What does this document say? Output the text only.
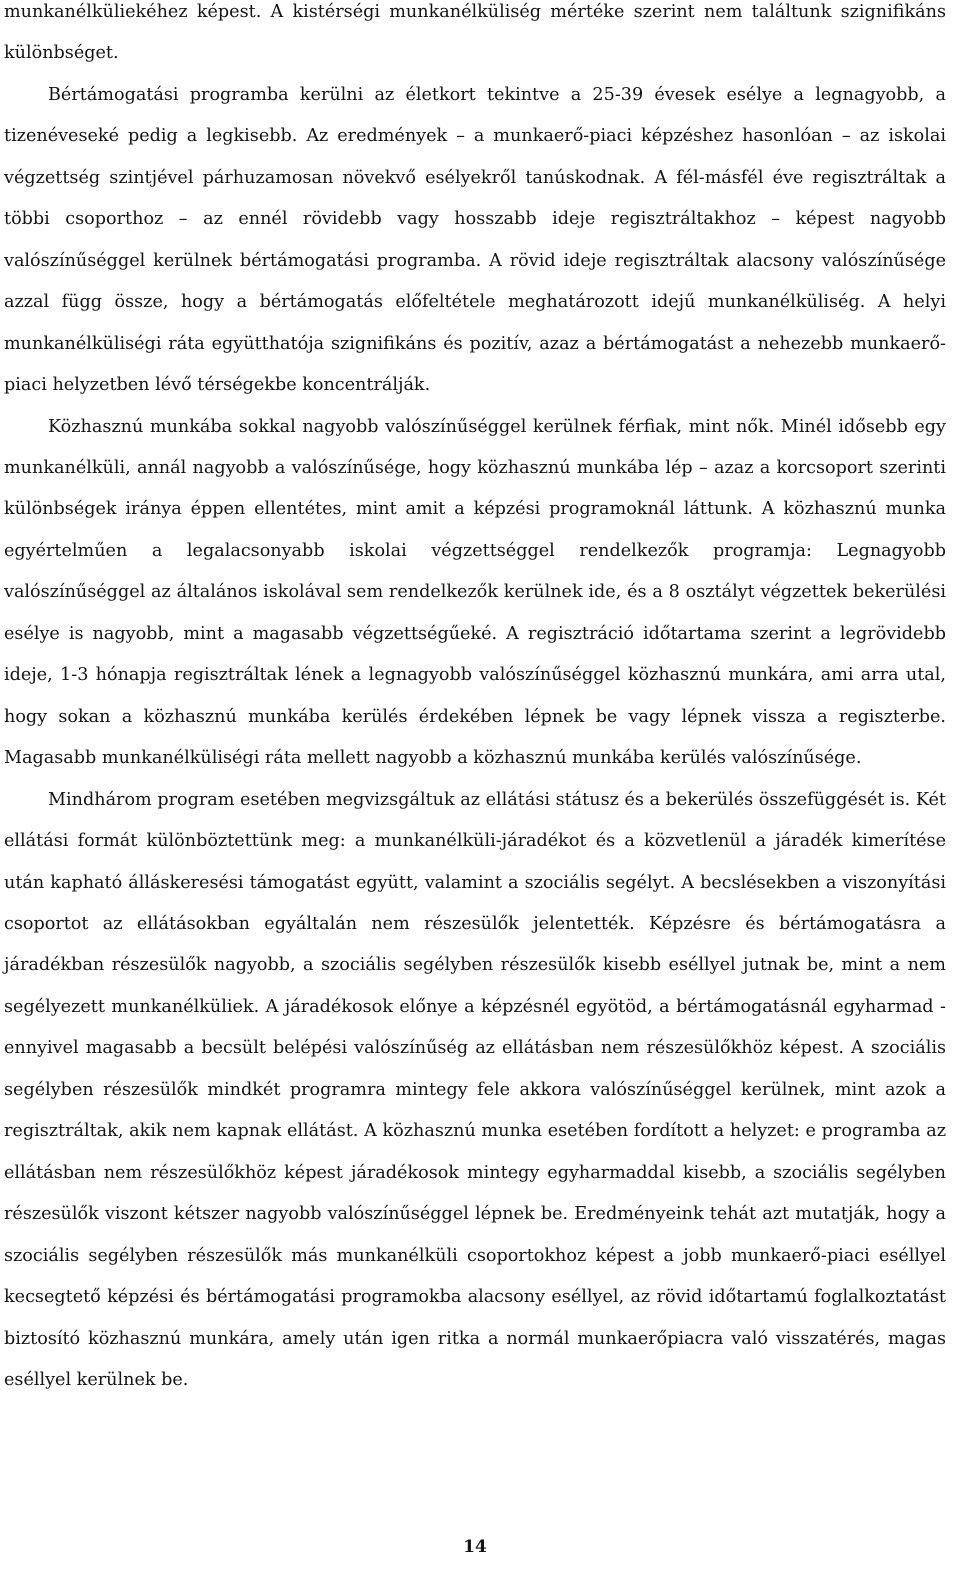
munkanélküliekéhez képest. A kistérségi munkanélküliség mértéke szerint nem találtunk szignifikáns különbséget.

Bértámogatási programba kerülni az életkort tekintve a 25-39 évesek esélye a legnagyobb, a tizenéveseké pedig a legkisebb. Az eredmények – a munkaerő-piaci képzéshez hasonlóan – az iskolai végzettség szintjével párhuzamosan növekvő esélyekről tanúskodnak. A fél-másfél éve regisztráltak a többi csoporthoz – az ennél rövidebb vagy hosszabb ideje regisztráltakhoz – képest nagyobb valószínűséggel kerülnek bértámogatási programba. A rövid ideje regisztráltak alacsony valószínűsége azzal függ össze, hogy a bértámogatás előfeltétele meghatározott idejű munkanélküliség. A helyi munkanélküliségi ráta együtthatója szignifikáns és pozitív, azaz a bértámogatást a nehezebb munkaerő-piaci helyzetben lévő térségekbe koncentrálják.

Közhasznú munkába sokkal nagyobb valószínűséggel kerülnek férfiak, mint nők. Minél idősebb egy munkanélküli, annál nagyobb a valószínűsége, hogy közhasznú munkába lép – azaz a korcsoport szerinti különbségek iránya éppen ellentétes, mint amit a képzési programoknál láttunk. A közhasznú munka egyértelműen a legalacsonyabb iskolai végzettséggel rendelkezők programja: Legnagyobb valószínűséggel az általános iskolával sem rendelkezők kerülnek ide, és a 8 osztályt végzettek bekerülési esélye is nagyobb, mint a magasabb végzettségűeké. A regisztráció időtartama szerint a legrövidebb ideje, 1-3 hónapja regisztráltak lének a legnagyobb valószínűséggel közhasznú munkára, ami arra utal, hogy sokan a közhasznú munkába kerülés érdekében lépnek be vagy lépnek vissza a regiszterbe. Magasabb munkanélküliségi ráta mellett nagyobb a közhasznú munkába kerülés valószínűsége.

Mindhárom program esetében megvizsgáltuk az ellátási státusz és a bekerülés összefüggését is. Két ellátási formát különböztettünk meg: a munkanélküli-járadékot és a közvetlenül a járadék kimerítése után kapható álláskeresési támogatást együtt, valamint a szociális segélyt. A becslésekben a viszonyítási csoportot az ellátásokban egyáltalán nem részesülők jelentették. Képzésre és bértámogatásra a járadékban részesülők nagyobb, a szociális segélyben részesülők kisebb eséllyel jutnak be, mint a nem segélyezett munkanélküliek. A járadékosok előnye a képzésnél egyötöd, a bértámogatásnál egyharmad - ennyivel magasabb a becsült belépési valószínűség az ellátásban nem részesülőkhöz képest. A szociális segélyben részesülők mindkét programra mintegy fele akkora valószínűséggel kerülnek, mint azok a regisztráltak, akik nem kapnak ellátást. A közhasznú munka esetében fordított a helyzet: e programba az ellátásban nem részesülőkhöz képest járadékosok mintegy egyharmaddal kisebb, a szociális segélyben részesülők viszont kétszer nagyobb valószínűséggel lépnek be. Eredményeink tehát azt mutatják, hogy a szociális segélyben részesülők más munkanélküli csoportokhoz képest a jobb munkaerő-piaci eséllyel kecsegtető képzési és bértámogatási programokba alacsony eséllyel, az rövid időtartamú foglalkoztatást biztosító közhasznú munkára, amely után igen ritka a normál munkaerőpiacra való visszatérés, magas eséllyel kerülnek be.

14
